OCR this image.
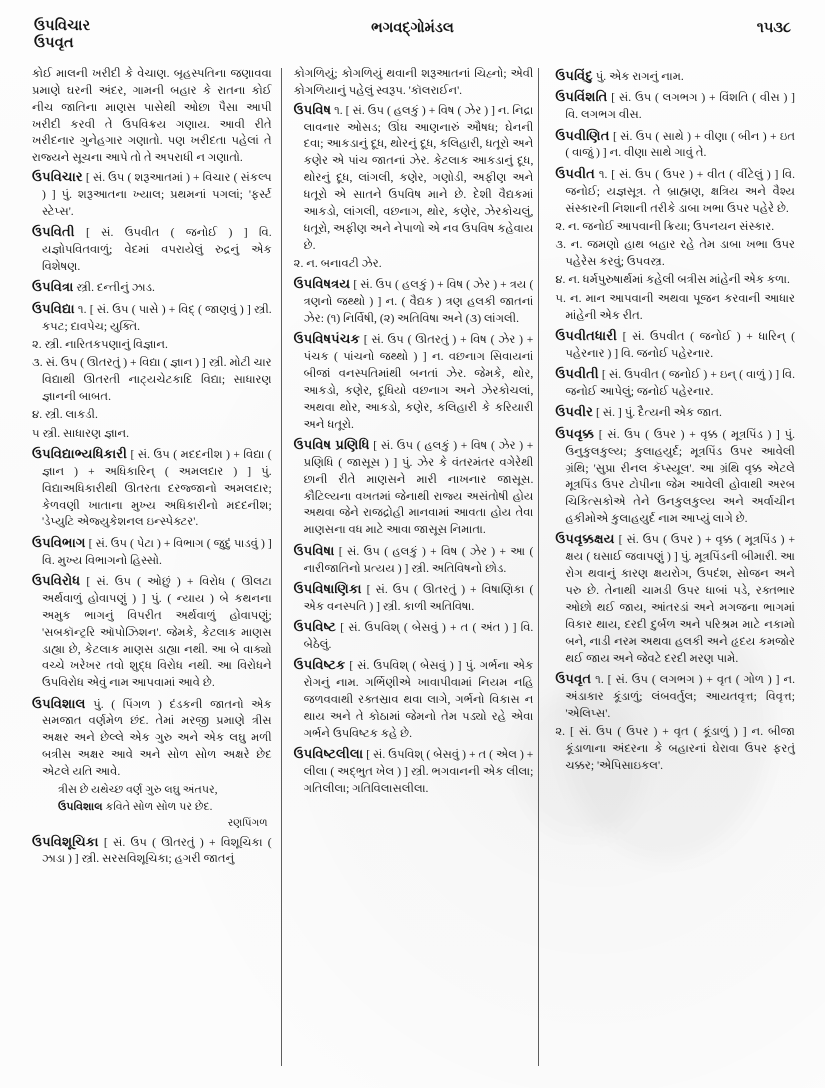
ઉપવિચાર
ઉપવૃત
ભગવદ્ગોમંડલ	૧૫૩૮

કોઈ માલની ખરીદી કે વેચાણ. બૃહસ્પતિના જણાવવા પ્રમાણે ઘરની અંદર, ગામની બહાર કે રાતના કોઈ નીચ જાતિના માણસ પાસેથી ઓછા પૈસા આપી ખરીદી કરવી તે ઉપવિક્રય ગણાય. આવી રીતે ખરીદનાર ગુનેહગાર ગણાતો. પણ ખરીદતા પહેલાં તે રાજ્યને સૂચના આપે તો તે અપરાધી ન ગણાતો.

ઉપવિચાર [ સં. ઉપ ( શરૂઆતમાં ) + વિચાર ( સંકલ્પ ) ] પું. શરૂઆતના ખ્યાલ; પ્રથમનાં પગલાં; 'ફર્સ્ટ સ્ટેપ્સ'.

ઉપવિતી [ સં. ઉપવીત ( જનોઈ ) ] વિ. યજ્ઞોપવિતવાળું; વેદમાં વપરાયેલું રુદ્રનું એક વિશેષણ.

ઉપવિત્રા સ્ત્રી. દન્તીનું ઝાડ.

ઉપવિદ્યા ૧. [ સં. ઉપ ( પાસે ) + વિદ્ ( જાણવું ) ] સ્ત્રી. કપટ; દાવપેચ; યુક્તિ.

૨. સ્ત્રી. નારિતકપણાનું વિજ્ઞાન.

૩. સં. ઉપ ( ઊતરતું ) + વિદ્યા ( જ્ઞાન ) ] સ્ત્રી. મોટી ચાર વિદ્યાથી ઊતરતી નાટ્યચેટકાદિ વિદ્યા; સાધારણ જ્ઞાનની બાબત.

૪. સ્ત્રી. લાકડી.

૫ સ્ત્રી. સાધારણ જ્ઞાન.

ઉપવિદ્યાભ્યધિકારી [ સં. ઉપ ( મદદનીશ ) + વિદ્યા ( જ્ઞાન ) + અધિકારિન્ ( અમલદાર ) ] પું. વિદ્યાઅધિકારીથી ઊતરતા દરજ્જાનો અમલદાર; કેળવણી ખાતાના મુખ્ય અધિકારીનો મદદનીશ; 'ડેપ્યુટિ એજ્યુકેશનલ ઇન્સ્પેક્ટર'.

ઉપવિભાગ [ સં. ઉપ ( પેટા ) + વિભાગ ( જુદું પાડવું ) ] વિ. મુખ્ય વિભાગનો હિસ્સો.

ઉપવિરોધ [ સં. ઉપ ( ઓછું ) + વિરોધ ( ઊલટા અર્થવાળું હોવાપણું ) ] પું. ( ન્યાય ) બે કથનના અમુક ભાગનું વિપરીત અર્થવાળું હોવાપણું; 'સબકૉન્ટ્રરિ ઑપોઝિશન'. જેમકે, કેટલાક માણસ ડાહ્યા છે, કેટલાક માણસ ડાહ્યા નથી. આ બે વાક્યો વચ્ચે ખરેખર તવો શુદ્ધ વિરોધ નથી. આ વિરોધને ઉપવિરોધ એવું નામ આપવામાં આવે છે.

ઉપવિશાલ પું. ( પિંગળ ) દંડકની જાતનો એક સમજાત વર્ણમેળ છંદ. તેમાં મરજી પ્રમાણે ત્રીસ અક્ષર અને છેલ્લે એક ગુરુ અને એક લઘુ મળી બત્રીસ અક્ષર આવે અને સોળ સોળ અક્ષરે છેદ એટલે યતિ આવે.

ત્રીસ છે યથેચ્છ વર્ણ ગુરુ લઘુ અંતપર,
ઉપવિશાલ કવિતે સોળ સોળ પર છેદ.
રણપિંગળ

ઉપવિશૂચિકા [ સં. ઉપ ( ઊતરતું ) + વિશૂચિકા ( ઝાડા ) ] સ્ત્રી. સરસવિશૂચિકા; હગરી જાતનું

કોગળિયું; કોગળિયું થવાની શરૂઆતનાં ચિહ્નો; એવી કોગળિયાનું પહેલું સ્વરૂપ. 'કૉલરાઈન'.

ઉપવિષ ૧. [ સં. ઉપ ( હલકું ) + વિષ ( ઝેર ) ] ન. નિદ્રા લાવનાર ઓસડ; ઊંઘ આણનારું ઔષધ; ઘેનની દવા; આકડાનું દૂધ, થોરનું દૂધ, કલિહારી, ધતૂરો અને કણેર એ પાંચ જાતનાં ઝેર. કેટલાક આકડાનું દૂધ, થોરનું દૂધ, લાંગલી, કણેર, ગણોડી, અફીણ અને ધતૂરો એ સાતને ઉપવિષ માને છે. દેશી વૈદ્યકમાં આકડો, લાંગલી, વછનાગ, થોર, કણેર, ઝેરકોચલું, ધતૂરો, અફીણ અને નેપાળો એ નવ ઉપવિષ કહેવાય છે.

૨. ન. બનાવટી ઝેર.

ઉપવિષત્રય [ સં. ઉપ ( હલકું ) + વિષ ( ઝેર ) + ત્રય ( ત્રણનો જથ્થો ) ] ન. ( વૈદ્યક ) ત્રણ હલકી જાતનાં ઝેર: (૧) નિર્વિષી, (૨) અતિવિષા અને (૩) લાંગલી.

ઉપવિષપંચક [ સં. ઉપ ( ઊતરતું ) + વિષ ( ઝેર ) + પંચક ( પાંચનો જથ્થો ) ] ન. વછનાગ સિવાયનાં બીજાં વનસ્પતિમાંથી બનતાં ઝેર. જેમકે, થોર, આકડો, કણેર, દૂધિયો વછનાગ અને ઝેરકોચલાં, અથવા થોર, આકડો, કણેર, કલિહારી કે કરિયારી અને ધતૂરો.

ઉપવિષ પ્રણિધિ [ સં. ઉપ ( હલકું ) + વિષ ( ઝેર ) + પ્રણિધિ ( જાસૂસ ) ] પું. ઝેર કે વંતરમંતર વગેરેથી છાની રીતે માણસને મારી નાખનાર જાસૂસ. કૌટિલ્યના વખતમાં જેનાથી રાજ્ય અસંતોષી હોય અથવા જેને રાજદ્રોહી માનવામાં આવતા હોય તેવા માણસના વધ માટે આવા જાસૂસ નિમાતા.

ઉપવિષા [ સં. ઉપ ( હલકું ) + વિષ ( ઝેર ) + આ ( નારીજાતિનો પ્રત્યય ) ] સ્ત્રી. અતિવિષનો છોડ.

ઉપવિષાણિકા [ સં. ઉપ ( ઊતરતું ) + વિષાણિકા ( એક વનસ્પતિ ) ] સ્ત્રી. કાળી અતિવિષા.

ઉપવિષ્ટ [ સં. ઉપવિશ્ ( બેસવું ) + ત ( અંત ) ] વિ. બેઠેલું.

ઉપવિષ્ટક [ સં. ઉપવિશ્ ( બેસવું ) ] પું. ગર્ભના એક રોગનું નામ. ગર્ભિણીએ ખાવાપીવામાં નિયમ નહિ જળવવાથી રક્તસ્રાવ થવા લાગે, ગર્ભનો વિકાસ ન થાય અને તે કોઠામાં જેમનો તેમ પડ્યો રહે એવા ગર્ભને ઉપવિષ્ટક કહે છે.

ઉપવિષ્ટલીલા [ સં. ઉપવિશ્ ( બેસવું ) + ત ( એલ ) + લીલા ( અદ્ભુત ખેલ ) ] સ્ત્રી. ભગવાનની એક લીલા; ગતિલીલા; ગતિવિલાસલીલા.

ઉપવિંદુ પું. એક રાગનું નામ.

ઉપવિંશતિ [ સં. ઉપ ( લગભગ ) + વિંશતિ ( વીસ ) ] વિ. લગભગ વીસ.

ઉપવીણિત [ સં. ઉપ ( સાથે ) + વીણા ( બીન ) + ઇત ( વાજું ) ] ન. વીણા સાથે ગાવું તે.

ઉપવીત ૧. [ સં. ઉપ ( ઉપર ) + વીત ( વીંટેલું ) ] વિ. જનોઈ; યજ્ઞસૂત્ર. તે બ્રાહ્મણ, ક્ષત્રિય અને વૈશ્ય સંસ્કારની નિશાની તરીકે ડાબા ખભા ઉપર પહેરે છે.

૨. ન. જનોઈ આપવાની ક્રિયા; ઉપનયન સંસ્કાર.

૩. ન. જમણો હાથ બહાર રહે તેમ ડાબા ખભા ઉપર પહેરેસ કરવું; ઉપવસ્ત્ર.

૪. ન. ધર્મપુરુષાર્થમાં કહેલી બત્રીસ માંહેની એક કળા.

૫. ન. માન આપવાની અથવા પૂજન કરવાની આધાર માંહેની એક રીત.

ઉપવીતધારી [ સં. ઉપવીત ( જનોઈ ) + ધારિન્ ( પહેરનાર ) ] વિ. જનોઈ પહેરનાર.

ઉપવીતી [ સં. ઉપવીત ( જનોઈ ) + ઇન્ ( વાળું ) ] વિ. જનોઈ આપેલું; જનોઈ પહેરનાર.

ઉપવીર [ સં. ] પું. દૈત્યની એક જાત.

ઉપવૃક્ક [ સં. ઉપ ( ઉપર ) + વૃક્ક ( મૂત્રપિંડ ) ] પું. ઉનુકુલકુલ્ય; કુલાહયુર્દ; મૂત્રપિંડ ઉપર આવેલી ગ્રંથિ; 'સુપ્રા રીનલ કૅપ્સ્યૂલ'. આ ગ્રંથિ વૃક્ક એટલે મૂત્રપિંડ ઉપર ટોપીના જેમ આવેલી હોવાથી અરબ ચિકિત્સકોએ તેને ઉનકુલકુલ્ય અને અર્વાચીન હકીમોએ કુલાહયુર્દ નામ આપ્યું લાગે છે.

ઉપવૃક્કક્ષય [ સં. ઉપ ( ઉપર ) + વૃક્ક ( મૂત્રપિંડ ) + ક્ષય ( ઘસાઈ જવાપણું ) ] પું. મૂત્રપિંડની બીમારી. આ રોગ થવાનું કારણ ક્ષયરોગ, ઉપદંશ, સોજન અને પરુ છે. તેનાથી ચામડી ઉપર ધાબાં પડે, રક્તભાર ઓછો થઈ જાય, આંતરડાં અને મગજના ભાગમાં વિકાર થાય, દરદી દુર્બળ અને પરિશ્રમ માટે નકામો બને, નાડી નરમ અથવા હલકી અને હૃદય કમજોર થઈ જાય અને જેવટે દરદી મરણ પામે.

ઉપવૃત ૧. [ સં. ઉપ ( લગભગ ) + વૃત ( ગોળ ) ] ન. અંડાકાર કૂંડાળું; લંબવર્તુલ; આયતવૃત્ત; વિવૃત્ત; 'એલિપ્સ'.

૨. [ સં. ઉપ ( ઉપર ) + વૃત ( કૂંડાળું ) ] ન. બીજા કૂંડાળાના અંદરના કે બહારનાં ઘેરાવા ઉપર ફરતું ચક્કર; 'એપિસાઇકલ'.
